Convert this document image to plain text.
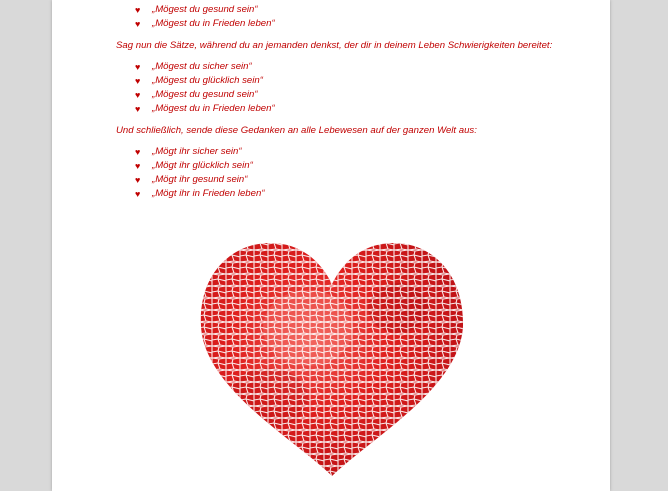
♥	„Mögest du gesund sein“
♥	„Mögest du in Frieden leben“

Sag nun die Sätze, während du an jemanden denkst, der dir in deinem Leben Schwierigkeiten bereitet:

♥	„Mögest du sicher sein“
♥	„Mögest du glücklich sein“
♥	„Mögest du gesund sein“
♥	„Mögest du in Frieden leben“

Und schließlich, sende diese Gedanken an alle Lebewesen auf der ganzen Welt aus:

♥	„Mögt ihr sicher sein“
♥	„Mögt ihr glücklich sein“
♥	„Mögt ihr gesund sein“
♥	„Mögt ihr in Frieden leben“
